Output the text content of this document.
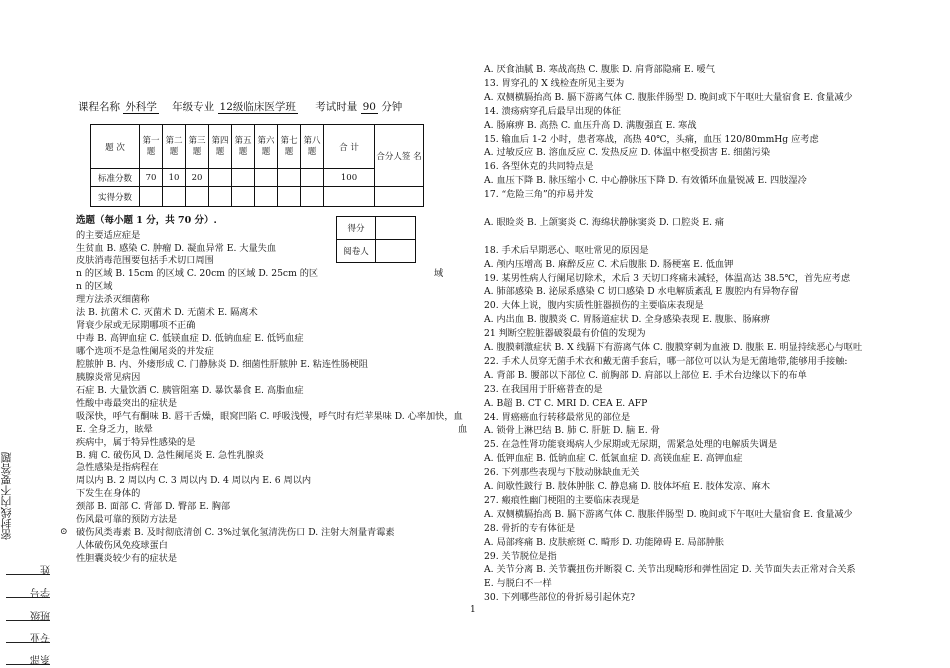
课程名称 外科学 年级专业 12级临床医学班 考试时量 90 分钟
题 次	第一题	第二题	第三题	第四题	第五题	第六题	第七题	第八题	合 计	合分人签 名
标准分数	70	10	20						100	
实得分数										
得分	
阅卷人	
选题（每小题 1 分，共 70 分）.
的主要适应症是
生贫血 B. 感染 C. 肿瘤 D. 凝血异常 E. 大量失血
皮肤消毒范围要包括手术切口周围
n 的区域 B. 15cm 的区域 C. 20cm 的区域 D. 25cm 的区
n 的区域
理方法杀灭细菌称
法 B. 抗菌术 C. 灭菌术 D. 无菌术 E. 隔离术
肾衰少尿或无尿期哪项不正确
中毒 B. 高钾血症 C. 低镁血症 D. 低钠血症 E. 低钙血症
哪个选项不是急性阑尾炎的并发症
腔脓肿 B. 内、外瘘形成 C. 门静脉炎 D. 细菌性肝脓肿 E. 粘连性肠梗阻
胰腺炎常见病因
石症 B. 大量饮酒 C. 胰管阻塞 D. 暴饮暴食 E. 高脂血症
性酸中毒最突出的症状是
吸深快，呼气有酮味 B. 唇干舌燥，眼窝凹陷 C. 呼吸浅慢，呼气时有烂苹果味 D. 心率加快，血
E. 全身乏力，眩晕
疾病中，属于特异性感染的是
B. 痈 C. 破伤风 D. 急性阑尾炎 E. 急性乳腺炎
急性感染是指病程在
周以内 B. 2 周以内 C. 3 周以内 D. 4 周以内 E. 6 周以内
下发生在身体的
颈部 B. 面部 C. 背部 D. 臀部 E. 胸部
伤风最可靠的预防方法是
破伤风类毒素 B. 及时彻底清创 C. 3%过氧化氢清洗伤口 D. 注射大剂量青霉素
人体破伤风免疫球蛋白
性胆囊炎较少有的症状是
域
血
A. 厌食油腻 B. 寒战高热 C. 腹胀 D. 肩背部隐痛 E. 嗳气
13. 胃穿孔的 X 线检查所见主要为
A. 双侧横膈抬高 B. 膈下游离气体 C. 腹胀伴肠型 D. 晚间或下午呕吐大量宿食 E. 食量减少
14. 溃疡病穿孔后最早出现的体征
A. 肠麻痹 B. 高热 C. 血压升高 D. 满腹强直 E. 寒战
15. 输血后 1-2 小时，患者寒战，高热 40℃，头痛，血压 120/80mmHg 应考虑
A. 过敏反应 B. 溶血反应 C. 发热反应 D. 体温中枢受损害 E. 细菌污染
16. 各型休克的共同特点是
A. 血压下降 B. 脉压缩小 C. 中心静脉压下降 D. 有效循环血量锐减 E. 四肢湿冷
17. “危险三角”的疖易并发
A. 眼睑炎 B. 上颌窦炎 C. 海绵状静脉窦炎 D. 口腔炎 E. 痛
18. 手术后早期恶心、呕吐常见的原因是
A. 颅内压增高 B. 麻醉反应 C. 术后腹胀 D. 肠梗塞 E. 低血钾
19. 某男性病人行阑尾切除术，术后 3 天切口疼痛未减轻，体温高达 38.5℃，首先应考虑
A. 肺部感染 B. 泌尿系感染 C 切口感染 D 水电解质紊乱 E 腹腔内有异物存留
20. 大体上说，腹内实质性脏器损伤的主要临床表现是
A. 内出血 B. 腹膜炎 C. 胃肠道症状 D. 全身感染表现 E. 腹胀、肠麻痹
21 判断空腔脏器破裂最有价值的发现为
A. 腹膜刺激症状 B. X 线膈下有游离气体 C. 腹膜穿刺为血液 D. 腹胀 E. 明显持续恶心与呕吐
22. 手术人员穿无菌手术衣和戴无菌手套后，哪一部位可以认为是无菌地带,能够用手接触:
A. 背部 B. 腰部以下部位 C. 前胸部 D. 肩部以上部位 E. 手术台边缘以下的布单
23. 在我国用于肝癌普查的是
A. B超 B. CT C. MRI D. CEA E. AFP
24. 胃癌癌血行转移最常见的部位是
A. 锁骨上淋巴结 B. 肺 C. 肝脏 D. 脑 E. 骨
25. 在急性肾功能衰竭病人少尿期或无尿期，需紧急处理的电解质失调是
A. 低钾血症 B. 低钠血症 C. 低氯血症 D. 高镁血症 E. 高钾血症
26. 下列那些表现与下肢动脉缺血无关
A. 间歇性跛行 B. 肢体肿胀 C. 静息痛 D. 肢体坏疽 E. 肢体发凉、麻木
27. 瘢痕性幽门梗阻的主要临床表现是
A. 双侧横膈抬高 B. 膈下游离气体 C. 腹胀伴肠型 D. 晚间或下午呕吐大量宿食 E. 食量减少
28. 骨折的专有体征是
A. 局部疼痛 B. 皮肤瘀斑 C. 畸形 D. 功能障碍 E. 局部肿胀
29. 关节脱位是指
A. 关节分离 B. 关节囊扭伤并断裂 C. 关节出现畸形和弹性固定 D. 关节面失去正常对合关系
E. 与脱臼不一样
30. 下列哪些部位的骨折易引起休克?
1
密封线内不要答题	⊙
姓
学号
班级
专业
系部
